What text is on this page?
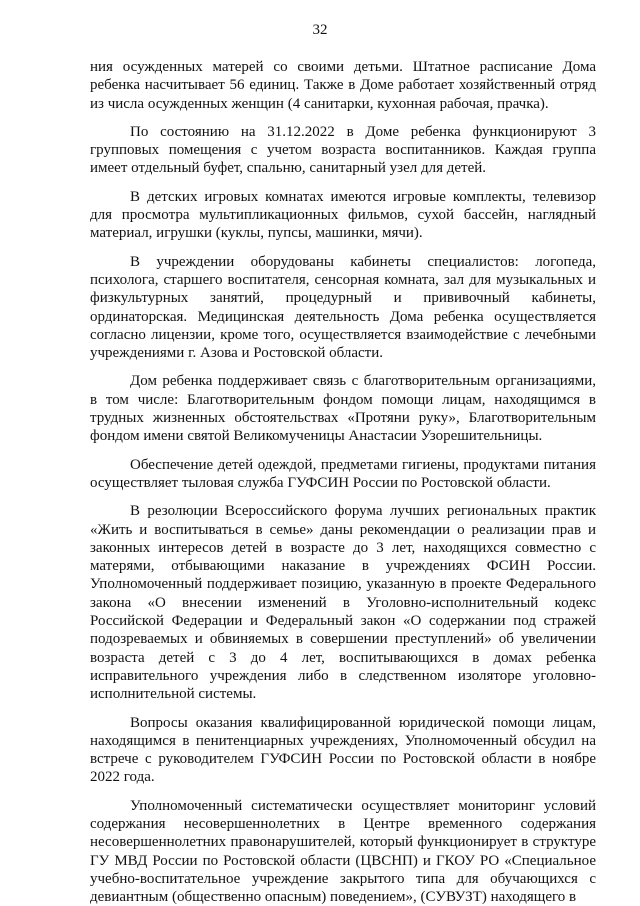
32

ния осужденных матерей со своими детьми. Штатное расписание Дома ребенка насчитывает 56 единиц. Также в Доме работает хозяйственный отряд из числа осужденных женщин (4 санитарки, кухонная рабочая, прачка).

По состоянию на 31.12.2022 в Доме ребенка функционируют 3 групповых помещения с учетом возраста воспитанников. Каждая группа имеет отдельный буфет, спальню, санитарный узел для детей.

В детских игровых комнатах имеются игровые комплекты, телевизор для просмотра мультипликационных фильмов, сухой бассейн, наглядный материал, игрушки (куклы, пупсы, машинки, мячи).

В учреждении оборудованы кабинеты специалистов: логопеда, психолога, старшего воспитателя, сенсорная комната, зал для музыкальных и физкультурных занятий, процедурный и прививочный кабинеты, ординаторская. Медицинская деятельность Дома ребенка осуществляется согласно лицензии, кроме того, осуществляется взаимодействие с лечебными учреждениями г. Азова и Ростовской области.

Дом ребенка поддерживает связь с благотворительным организациями, в том числе: Благотворительным фондом помощи лицам, находящимся в трудных жизненных обстоятельствах «Протяни руку», Благотворительным фондом имени святой Великомученицы Анастасии Узорешительницы.

Обеспечение детей одеждой, предметами гигиены, продуктами питания осуществляет тыловая служба ГУФСИН России по Ростовской области.

В резолюции Всероссийского форума лучших региональных практик «Жить и воспитываться в семье» даны рекомендации о реализации прав и законных интересов детей в возрасте до 3 лет, находящихся совместно с матерями, отбывающими наказание в учреждениях ФСИН России. Уполномоченный поддерживает позицию, указанную в проекте Федерального закона «О внесении изменений в Уголовно-исполнительный кодекс Российской Федерации и Федеральный закон «О содержании под стражей подозреваемых и обвиняемых в совершении преступлений» об увеличении возраста детей с 3 до 4 лет, воспитывающихся в домах ребенка исправительного учреждения либо в следственном изоляторе уголовно-исполнительной системы.

Вопросы оказания квалифицированной юридической помощи лицам, находящимся в пенитенциарных учреждениях, Уполномоченный обсудил на встрече с руководителем ГУФСИН России по Ростовской области в ноябре 2022 года.

Уполномоченный систематически осуществляет мониторинг условий содержания несовершеннолетних в Центре временного содержания несовершеннолетних правонарушителей, который функционирует в структуре ГУ МВД России по Ростовской области (ЦВСНП) и ГКОУ РО «Специальное учебно-воспитательное учреждение закрытого типа для обучающихся с девиантным (общественно опасным) поведением», (СУВУЗТ) находящего в
